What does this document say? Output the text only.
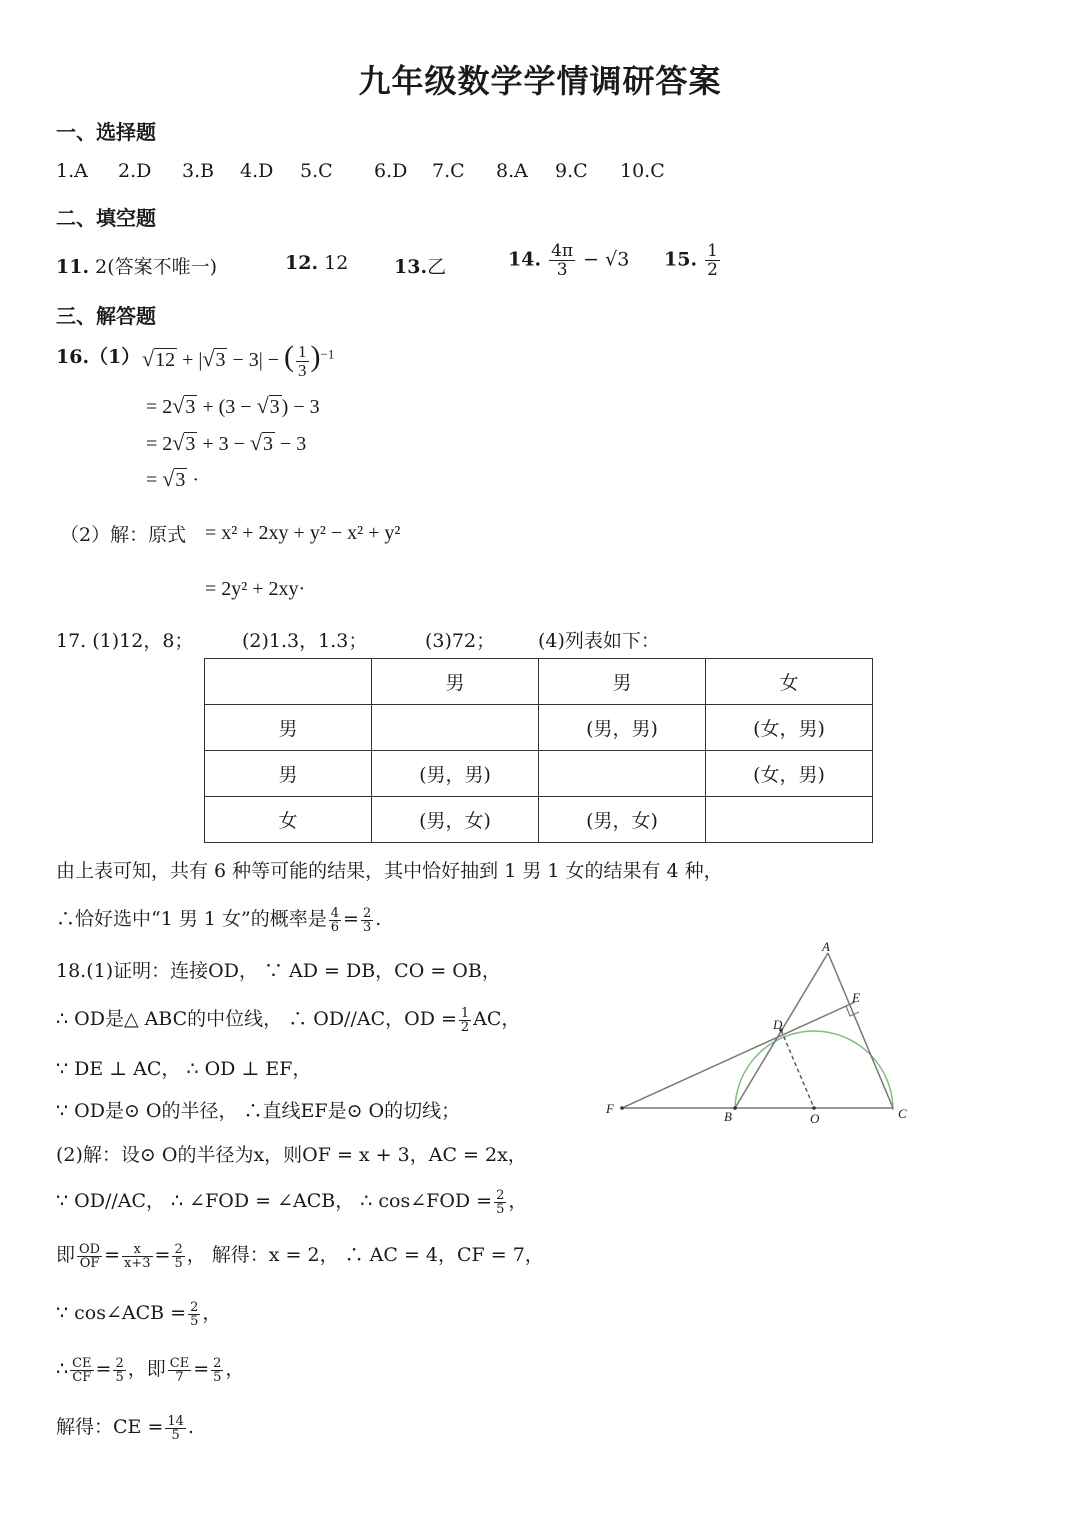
九年级数学学情调研答案
一、选择题
1.A 2.D 3.B 4.D 5.C 6.D 7.C 8.A 9.C 10.C
二、填空题
11. 2(答案不唯一)	12. 12 13.乙	14. $\frac{4\pi}{3} - √3$ 15. $\frac{1}{2}$
三、解答题
16.（1） √12 + |√3 − 3| − ( $\frac{1}{3} )^{-1}$
= 2√3 + (3 − √3 ) − 3
= 2√3 + 3 − √3 − 3
= √3 ·
（2）解：原式 = x² + 2xy + y² − x² + y²
= 2y² + 2xy·
17. (1)12，8；	(2)1.3，1.3；	(3)72； (4)列表如下：
	男	男	女
男		(男，男)	(女，男)
男	(男，男)		(女，男)
女	(男，女)	(男，女)	
由上表可知，共有 6 种等可能的结果，其中恰好抽到 1 男 1 女的结果有 4 种，
∴恰好选中“1 男 1 女”的概率是 $\frac{4}{6} = \frac{2}{3}$ .
18.(1)证明：连接OD， ∵ AD = DB，CO = OB，
∴ OD是△ ABC的中位线， ∴ OD//AC，OD = $\frac{1}{2}$ AC，
∵ DE ⊥ AC， ∴ OD ⊥ EF，
∵ OD是⊙ O的半径， ∴直线EF是⊙ O的切线；
(2)解：设⊙ O的半径为x，则OF = x + 3，AC = 2x，
∵ OD//AC， ∴ ∠FOD = ∠ACB， ∴ cos∠FOD = $\frac{2}{5}$ ，
即 $\frac{OD}{OF} = \frac{x}{x+3} = \frac{2}{5}$ ， 解得：x = 2， ∴ AC = 4，CF = 7，
∵ cos∠ACB = $\frac{2}{5}$ ，
∴ $\frac{CE}{CF} = \frac{2}{5}$ ，即 $\frac{CE}{7} = \frac{2}{5}$ ，
解得：CE = $\frac{14}{5}$ .
A
E
D
F
B	O	C
